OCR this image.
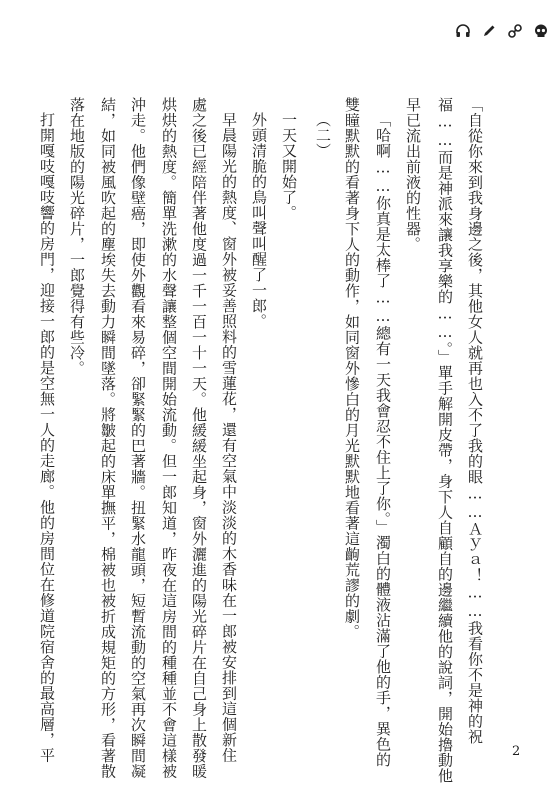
「自從你來到我身邊之後，其他女人就再也入不了我的眼……Ａｙａ！……我看你不是神的祝
福……而是神派來讓我享樂的……。」單手解開皮帶，身下人自顧自的邊繼續他的說詞，開始擼動他
早已流出前液的性器。
「哈啊……你真是太棒了……總有一天我會忍不住上了你。」濁白的體液沾滿了他的手，異色的
雙瞳默默的看著身下人的動作，如同窗外慘白的月光默默地看著這齣荒謬的劇。
（二）
一天又開始了。
外頭清脆的鳥叫聲叫醒了一郎。
早晨陽光的熱度、窗外被妥善照料的雪蓮花，還有空氣中淡淡的木香味在一郎被安排到這個新住
處之後已經陪伴著他度過一千一百一十一天。他緩緩坐起身，窗外灑進的陽光碎片在自己身上散發暖
烘烘的熱度。簡單洗漱的水聲讓整個空間開始流動。但一郎知道，昨夜在這房間的種種並不會這樣被
沖走。他們像壁癌，即使外觀看來易碎，卻緊緊的巴著牆。扭緊水龍頭，短暫流動的空氣再次瞬間凝
結，如同被風吹起的塵埃失去動力瞬間墜落。將皺起的床單撫平，棉被也被折成規矩的方形，看著散
落在地版的陽光碎片，一郎覺得有些冷。
打開嘎吱嘎吱響的房門，迎接一郎的是空無一人的走廊。他的房間位在修道院宿舍的最高層，平	2
